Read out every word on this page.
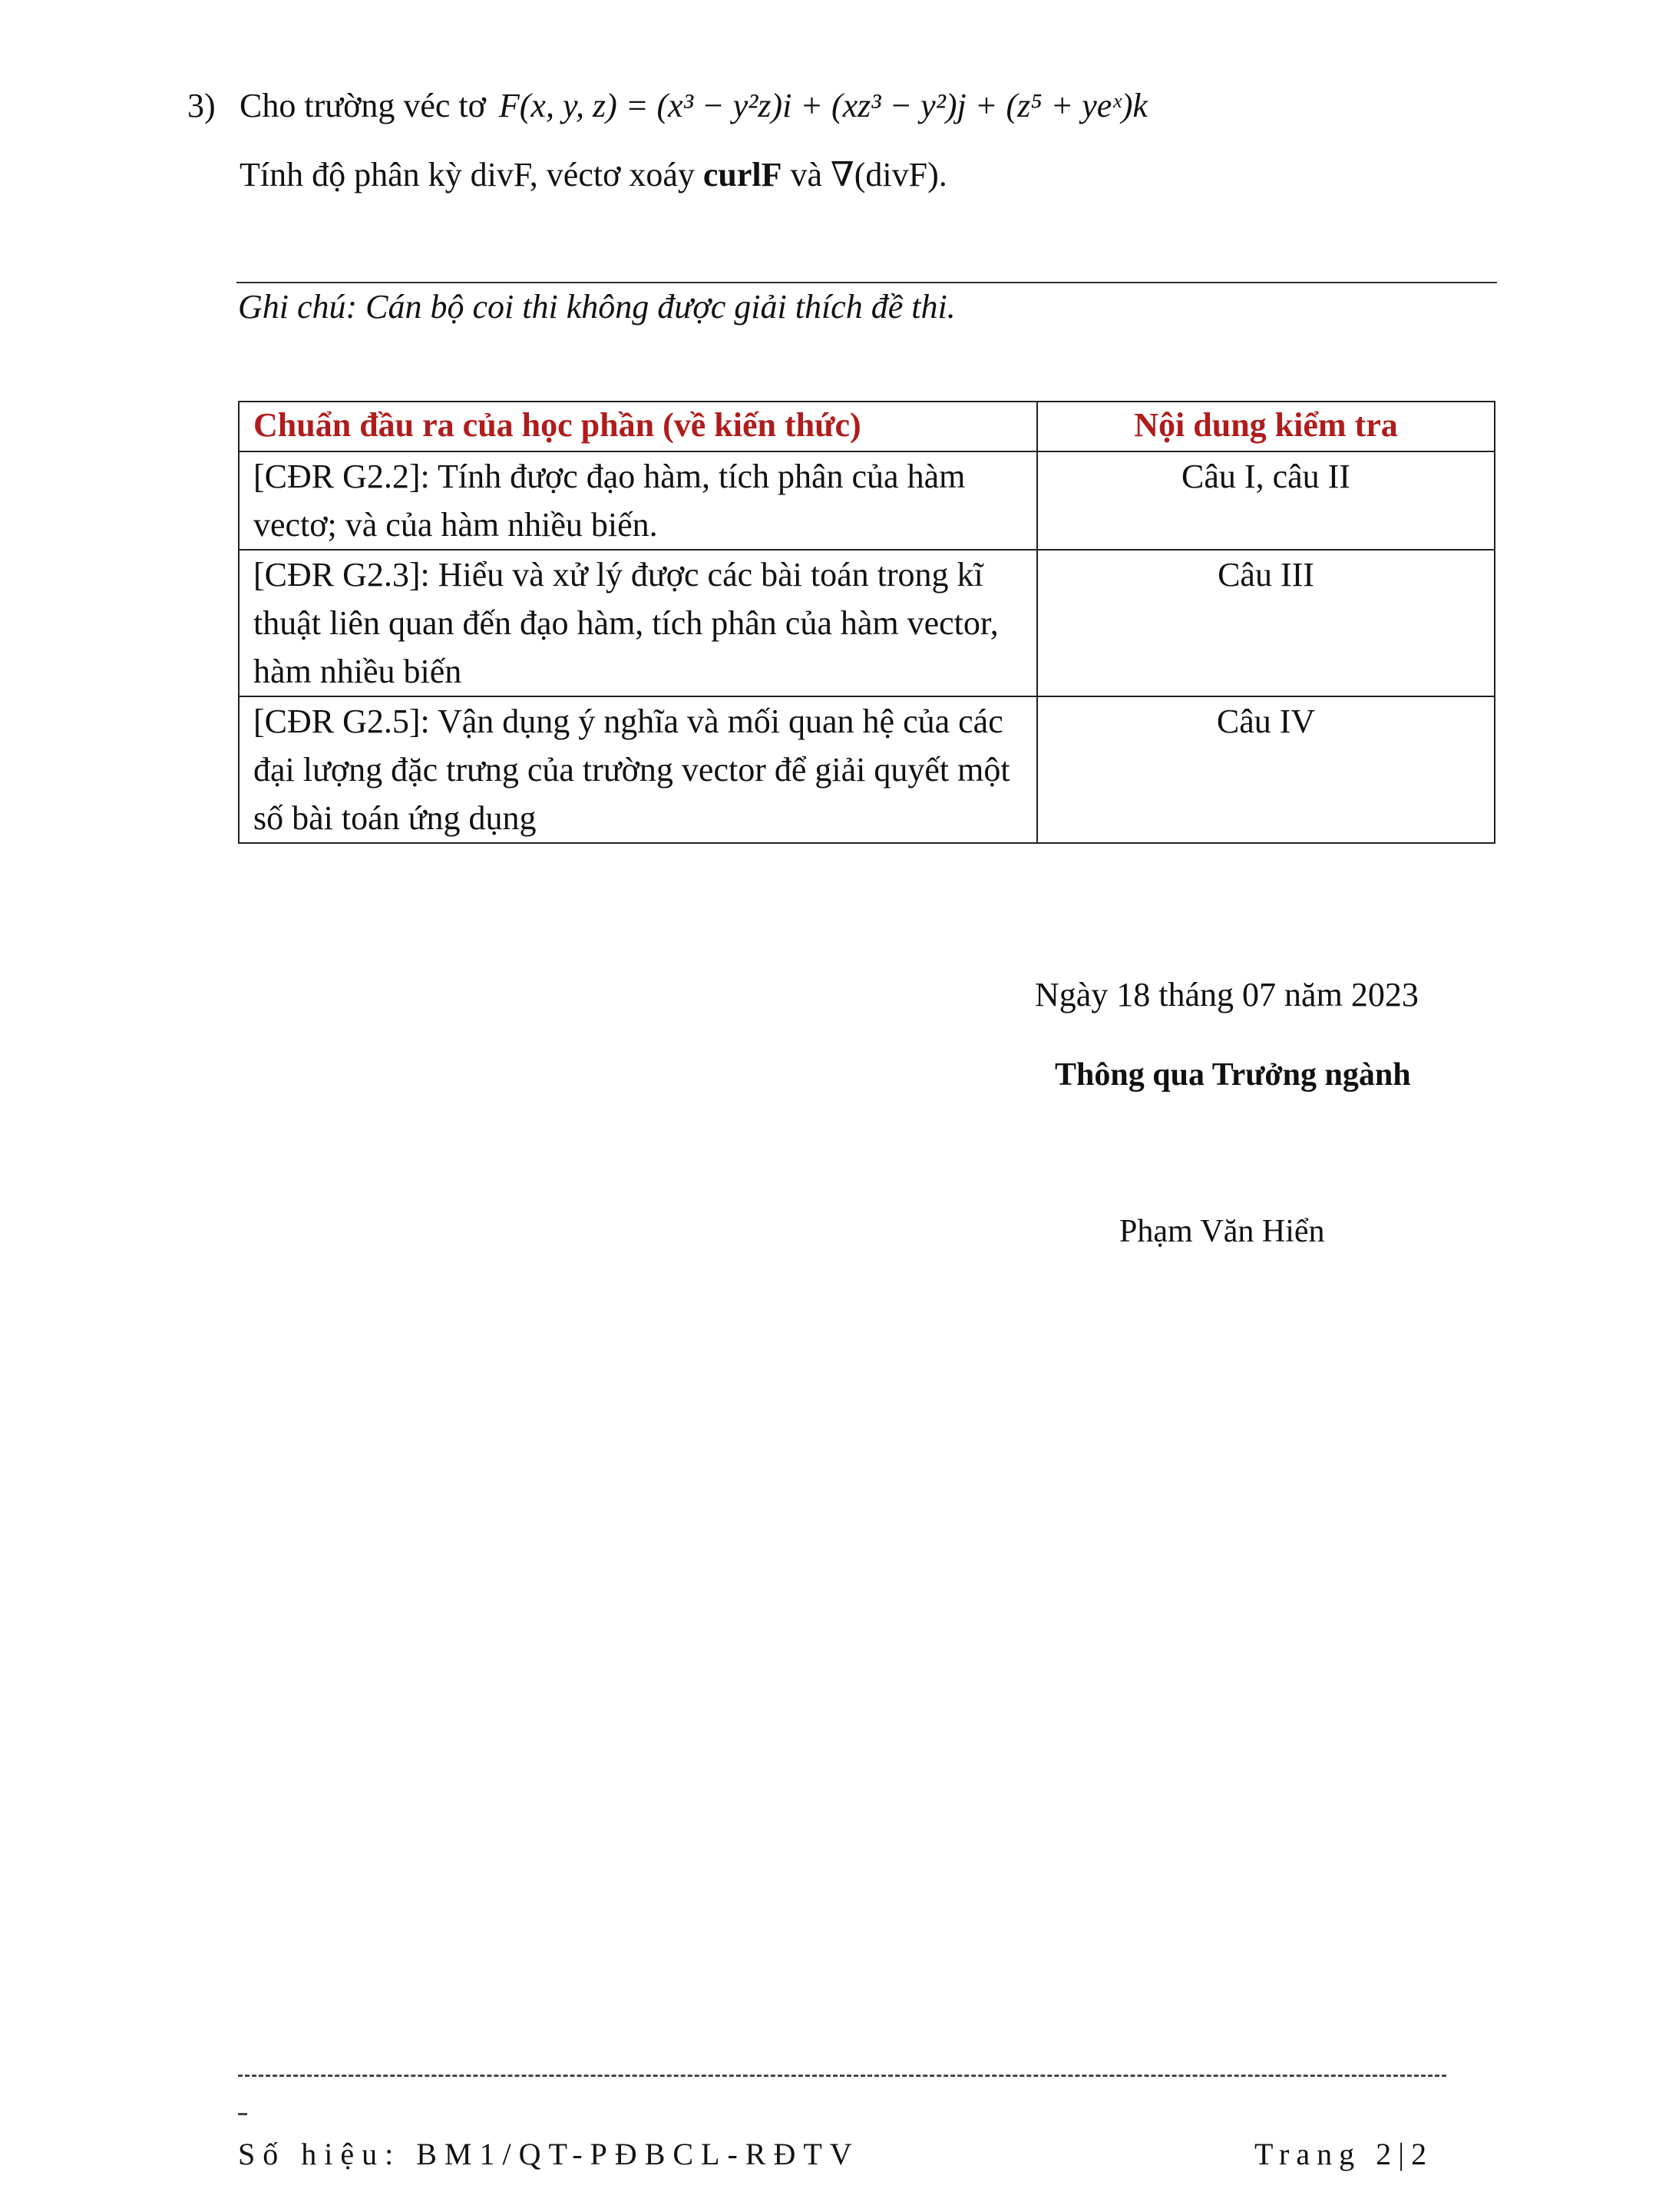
3) Cho trường véc tơ F(x, y, z) = (x³ − y²z)i + (xz³ − y²)j + (z⁵ + yeˣ)k
Tính độ phân kỳ divF, véctơ xoáy curlF và ∇(divF).
Ghi chú: Cán bộ coi thi không được giải thích đề thi.
Chuẩn đầu ra của học phần (về kiến thức)	Nội dung kiểm tra
[CĐR G2.2]: Tính được đạo hàm, tích phân của hàm vectơ; và của hàm nhiều biến.	Câu I, câu II
[CĐR G2.3]: Hiểu và xử lý được các bài toán trong kĩ thuật liên quan đến đạo hàm, tích phân của hàm vector, hàm nhiều biến	Câu III
[CĐR G2.5]: Vận dụng ý nghĩa và mối quan hệ của các đại lượng đặc trưng của trường vector để giải quyết một số bài toán ứng dụng	Câu IV
Ngày 18 tháng 07 năm 2023
Thông qua Trưởng ngành
Phạm Văn Hiển
Số hiệu: BM1/QT-PĐBCL-RĐTV	Trang 2|2
